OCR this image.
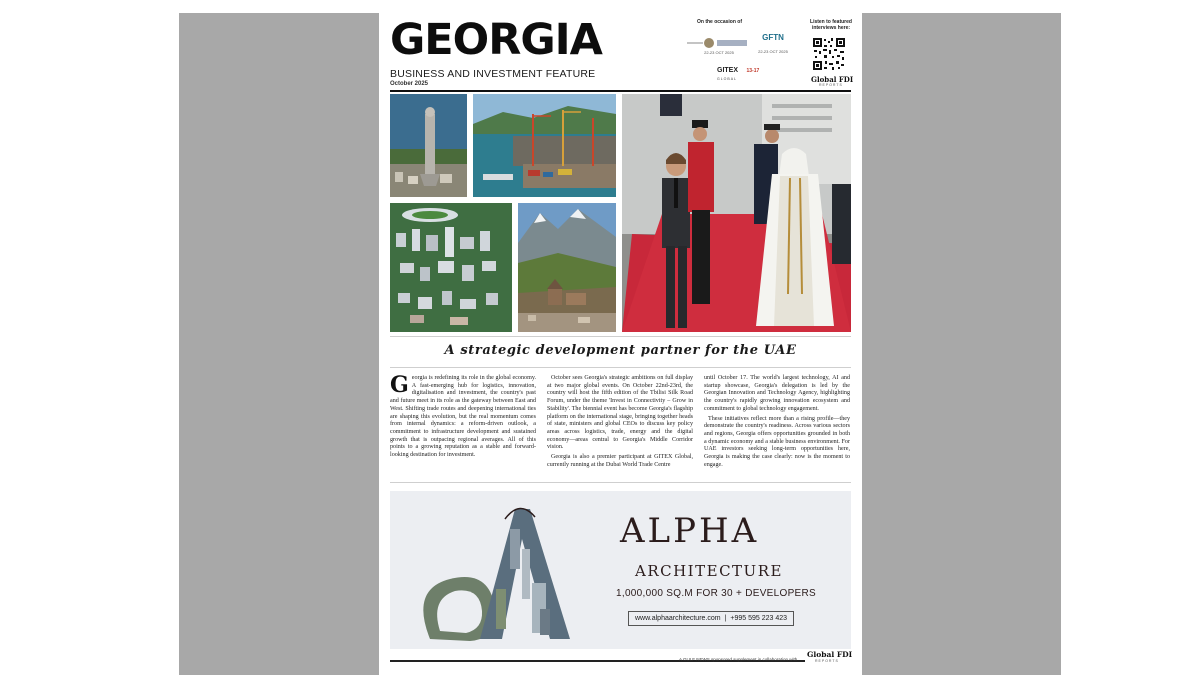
GEORGIA
BUSINESS AND INVESTMENT FEATURE
October 2025
On the occasion of
22-23 OCT 2025
GFTN
22-23 OCT 2025
GITEX 13-17
GLOBAL
Listen to featured interviews here:
Global FDI
REPORTS
A strategic development partner for the UAE

Georgia is redefining its role in the global economy. A fast-emerging hub for logistics, innovation, digitalisation and investment, the country's past and future meet in its role as the gateway between East and West. Shifting trade routes and deepening international ties are shaping this evolution, but the real momentum comes from internal dynamics: a reform-driven outlook, a commitment to infrastructure development and sustained growth that is outpacing regional averages. All of this points to a growing reputation as a stable and forward-looking destination for investment.

October sees Georgia's strategic ambitions on full display at two major global events. On October 22nd-23rd, the country will host the fifth edition of the Tbilisi Silk Road Forum, under the theme 'Invest in Connectivity – Grow in Stability'. The biennial event has become Georgia's flagship platform on the international stage, bringing together heads of state, ministers and global CEOs to discuss key policy areas across logistics, trade, energy and the digital economy—areas central to Georgia's Middle Corridor vision.

Georgia is also a premier participant at GITEX Global, currently running at the Dubai World Trade Centre

until October 17. The world's largest technology, AI and startup showcase, Georgia's delegation is led by the Georgian Innovation and Technology Agency, highlighting the country's rapidly growing innovation ecosystem and commitment to global technology engagement.

These initiatives reflect more than a rising profile—they demonstrate the country's readiness. Across various sectors and regions, Georgia offers opportunities grounded in both a dynamic economy and a stable business environment. For UAE investors seeking long-term opportunities here, Georgia is making the case clearly: now is the moment to engage.

ALPHA
ARCHITECTURE
1,000,000 SQ.M FOR 30 + DEVELOPERS
www.alphaarchitecture.com | +995 595 223 423
A GULF NEWS sponsored supplement in collaboration with
Global FDI
REPORTS
